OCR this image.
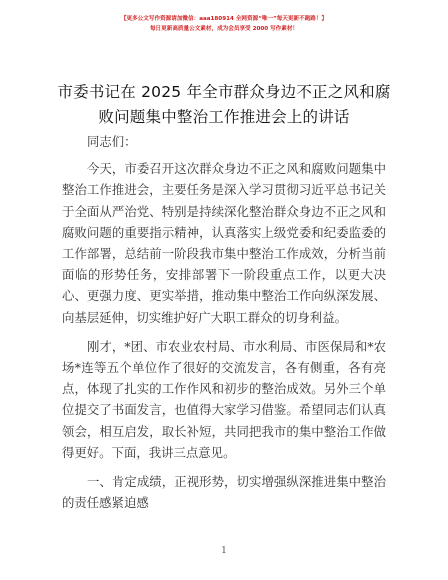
【更多公文写作资源请加微信：aaa180914 全网资源“唯一”每天更新不跑路！】
每日更新高质量公文素材，成为会员享受 2000 写作素材！
市委书记在 2025 年全市群众身边不正之风和腐
败问题集中整治工作推进会上的讲话

同志们：

今天，市委召开这次群众身边不正之风和腐败问题集中整治工作推进会，主要任务是深入学习贯彻习近平总书记关于全面从严治党、特别是持续深化整治群众身边不正之风和腐败问题的重要指示精神，认真落实上级党委和纪委监委的工作部署，总结前一阶段我市集中整治工作成效，分析当前面临的形势任务，安排部署下一阶段重点工作，以更大决心、更强力度、更实举措，推动集中整治工作向纵深发展、向基层延伸，切实维护好广大职工群众的切身利益。

刚才，*团、市农业农村局、市水利局、市医保局和*农场*连等五个单位作了很好的交流发言，各有侧重，各有亮点，体现了扎实的工作作风和初步的整治成效。另外三个单位提交了书面发言，也值得大家学习借鉴。希望同志们认真领会，相互启发，取长补短，共同把我市的集中整治工作做得更好。下面，我讲三点意见。

一、肯定成绩，正视形势，切实增强纵深推进集中整治的责任感紧迫感

1
